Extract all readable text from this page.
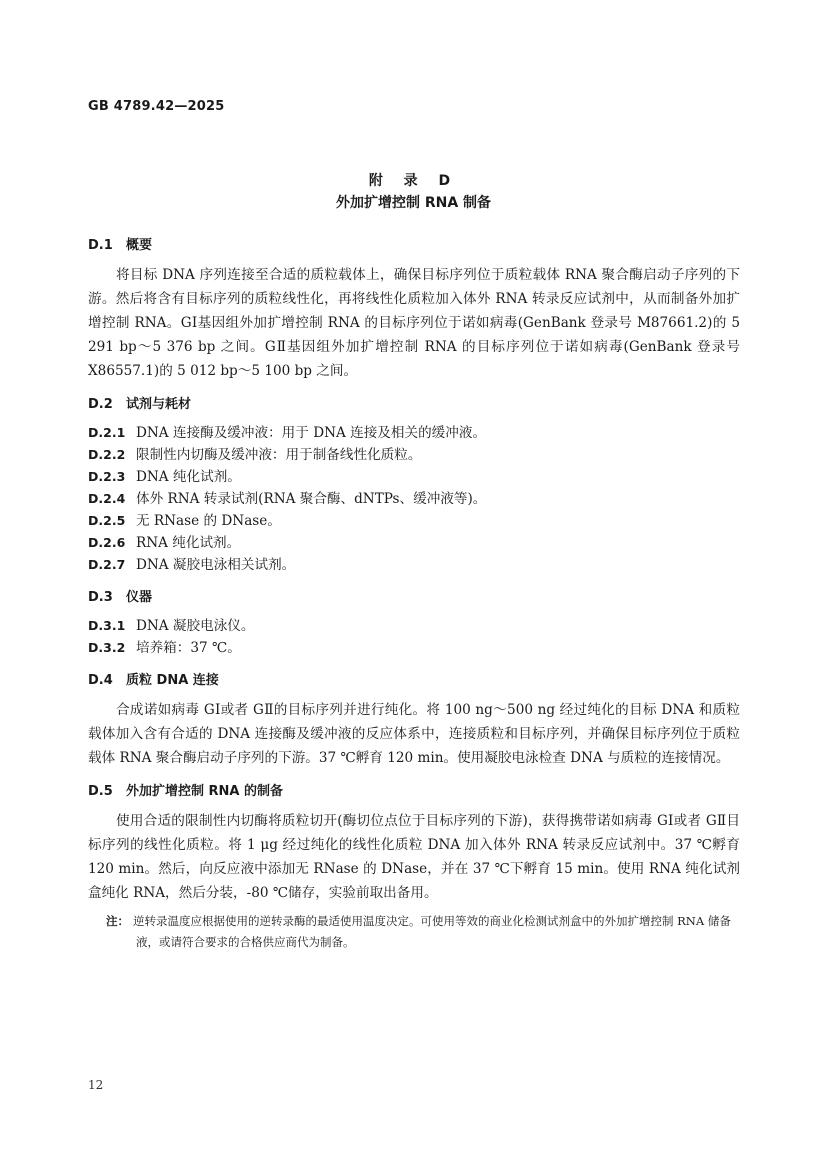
GB 4789.42—2025
附 录 D
外加扩增控制 RNA 制备
D.1 概要

将目标 DNA 序列连接至合适的质粒载体上，确保目标序列位于质粒载体 RNA 聚合酶启动子序列的下游。然后将含有目标序列的质粒线性化，再将线性化质粒加入体外 RNA 转录反应试剂中，从而制备外加扩增控制 RNA。GⅠ基因组外加扩增控制 RNA 的目标序列位于诺如病毒(GenBank 登录号 M87661.2)的 5 291 bp～5 376 bp 之间。GⅡ基因组外加扩增控制 RNA 的目标序列位于诺如病毒(GenBank 登录号 X86557.1)的 5 012 bp～5 100 bp 之间。

D.2 试剂与耗材

D.2.1 DNA 连接酶及缓冲液：用于 DNA 连接及相关的缓冲液。

D.2.2 限制性内切酶及缓冲液：用于制备线性化质粒。

D.2.3 DNA 纯化试剂。

D.2.4 体外 RNA 转录试剂(RNA 聚合酶、dNTPs、缓冲液等)。

D.2.5 无 RNase 的 DNase。

D.2.6 RNA 纯化试剂。

D.2.7 DNA 凝胶电泳相关试剂。

D.3 仪器

D.3.1 DNA 凝胶电泳仪。

D.3.2 培养箱：37 ℃。

D.4 质粒 DNA 连接

合成诺如病毒 GⅠ或者 GⅡ的目标序列并进行纯化。将 100 ng～500 ng 经过纯化的目标 DNA 和质粒载体加入含有合适的 DNA 连接酶及缓冲液的反应体系中，连接质粒和目标序列，并确保目标序列位于质粒载体 RNA 聚合酶启动子序列的下游。37 ℃孵育 120 min。使用凝胶电泳检查 DNA 与质粒的连接情况。

D.5 外加扩增控制 RNA 的制备

使用合适的限制性内切酶将质粒切开(酶切位点位于目标序列的下游)，获得携带诺如病毒 GⅠ或者 GⅡ目标序列的线性化质粒。将 1 μg 经过纯化的线性化质粒 DNA 加入体外 RNA 转录反应试剂中。37 ℃孵育 120 min。然后，向反应液中添加无 RNase 的 DNase，并在 37 ℃下孵育 15 min。使用 RNA 纯化试剂盒纯化 RNA，然后分装，-80 ℃储存，实验前取出备用。

注： 逆转录温度应根据使用的逆转录酶的最适使用温度决定。可使用等效的商业化检测试剂盒中的外加扩增控制 RNA 储备液，或请符合要求的合格供应商代为制备。

12
